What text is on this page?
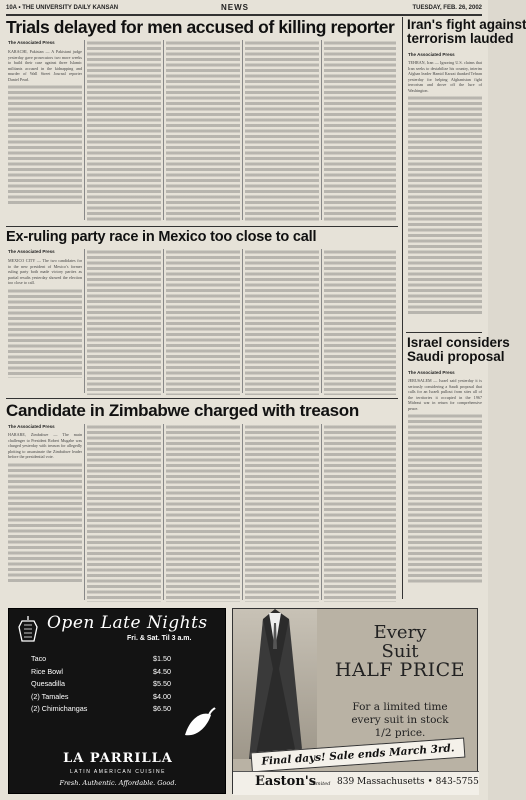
10A • THE UNIVERSITY DAILY KANSAN	NEWS	TUESDAY, FEB. 26, 2002
Trials delayed for men accused of killing reporter
The Associated Press
KARACHI, Pakistan — A Pakistani judge yesterday gave prosecutors two more weeks to build their case against three Islamic militants accused in the kidnapping and murder of Wall Street Journal reporter Daniel Pearl.
Iran's fight against
terrorism lauded
The Associated Press
TEHRAN, Iran — Ignoring U.S. claims that Iran seeks to destabilize his country, interim Afghan leader Hamid Karzai thanked Tehran yesterday for helping Afghanistan fight terrorism and drove off the lure of Washington.
Ex-ruling party race in Mexico too close to call
The Associated Press
MEXICO CITY — The two candidates for to the new president of Mexico's former ruling party both made victory parties as partial results yesterday showed the election too close to call.
Israel considers
Saudi proposal
The Associated Press
JERUSALEM — Israel said yesterday it is seriously considering a Saudi proposal that calls for an Israeli pullout from sites all of the territories it occupied in the 1967 Mideast war in return for comprehensive peace.
Candidate in Zimbabwe charged with treason
The Associated Press
HARARE, Zimbabwe — The main challenger to President Robert Mugabe was charged yesterday with treason for allegedly plotting to assassinate the Zimbabwe leader before the presidential vote.
Open Late Nights
Fri. & Sat. Til 3 a.m.
Taco	$1.50
Rice Bowl	$4.50
Quesadilla	$5.50
(2) Tamales	$4.00
(2) Chimichangas	$6.50
LA PARRILLA
LATIN AMERICAN CUISINE
Fresh. Authentic. Affordable. Good.
Every
Suit
HALF PRICE
For a limited time
every suit in stock
1/2 price.
Final days! Sale ends March 3rd.
Easton's
Limited 839 Massachusetts • 843-5755
